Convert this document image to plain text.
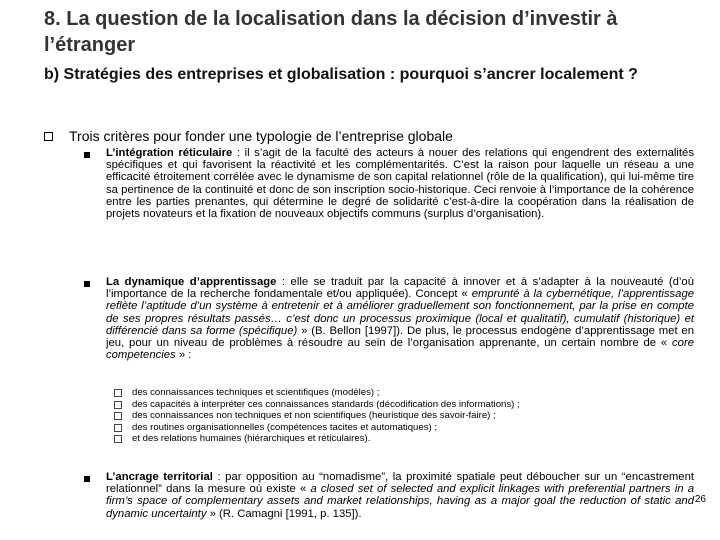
8. La question de la localisation dans la décision d’investir à l’étranger
b) Stratégies des entreprises et globalisation : pourquoi s’ancrer localement ?
Trois critères pour fonder une typologie de l’entreprise globale
L’intégration réticulaire : il s’agit de la faculté des acteurs à nouer des relations qui engendrent des externalités spécifiques et qui favorisent la réactivité et les complémentarités. C’est la raison pour laquelle un réseau a une efficacité étroitement corrélée avec le dynamisme de son capital relationnel (rôle de la qualification), qui lui-même tire sa pertinence de la continuité et donc de son inscription socio-historique. Ceci renvoie à l’importance de la cohérence entre les parties prenantes, qui détermine le degré de solidarité c’est-à-dire la coopération dans la réalisation de projets novateurs et la fixation de nouveaux objectifs communs (surplus d’organisation).
La dynamique d’apprentissage : elle se traduit par la capacité à innover et à s’adapter à la nouveauté (d’où l’importance de la recherche fondamentale et/ou appliquée). Concept « emprunté à la cybernétique, l’apprentissage reflète l’aptitude d’un système à entretenir et à améliorer graduellement son fonctionnement, par la prise en compte de ses propres résultats passés… c’est donc un processus proximique (local et qualitatif), cumulatif (historique) et différencié dans sa forme (spécifique) » (B. Bellon [1997]). De plus, le processus endogène d’apprentissage met en jeu, pour un niveau de problèmes à résoudre au sein de l’organisation apprenante, un certain nombre de « core competencies » :
des connaissances techniques et scientifiques (modèles) ;
des capacités à interpréter ces connaissances standards (décodification des informations) ;
des connaissances non techniques et non scientifiques (heuristique des savoir-faire) ;
des routines organisationnelles (compétences tacites et automatiques) ;
et des relations humaines (hiérarchiques et réticulaires).
L’ancrage territorial : par opposition au “nomadisme”, la proximité spatiale peut déboucher sur un “encastrement relationnel” dans la mesure où existe « a closed set of selected and explicit linkages with preferential partners in a firm’s space of complementary assets and market relationships, having as a major goal the reduction of static and dynamic uncertainty » (R. Camagni [1991, p. 135]).
26
